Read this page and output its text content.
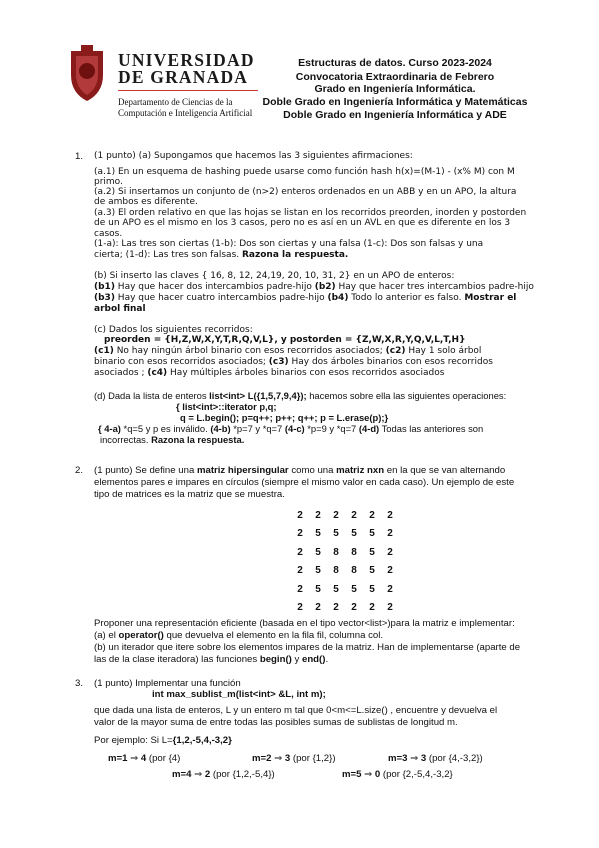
UNIVERSIDAD
DE GRANADA
Departamento de Ciencias de la
Computación e Inteligencia Artificial
Estructuras de datos. Curso 2023-2024
Convocatoria Extraordinaria de Febrero
Grado en Ingeniería Informática.
Doble Grado en Ingeniería Informática y Matemáticas
Doble Grado en Ingeniería Informática y ADE
1. (1 punto) (a) Supongamos que hacemos las 3 siguientes afirmaciones:
(a.1) En un esquema de hashing puede usarse como función hash h(x)=(M-1) - (x% M) con M
primo.
(a.2) Si insertamos un conjunto de (n>2) enteros ordenados en un ABB y en un APO, la altura
de ambos es diferente.
(a.3) El orden relativo en que las hojas se listan en los recorridos preorden, inorden y postorden
de un APO es el mismo en los 3 casos, pero no es así en un AVL en que es diferente en los 3
casos.
(1-a): Las tres son ciertas (1-b): Dos son ciertas y una falsa (1-c): Dos son falsas y una
cierta; (1-d): Las tres son falsas. Razona la respuesta.
(b) Si inserto las claves { 16, 8, 12, 24,19, 20, 10, 31, 2} en un APO de enteros:
(b1) Hay que hacer dos intercambios padre-hijo (b2) Hay que hacer tres intercambios padre-hijo
(b3) Hay que hacer cuatro intercambios padre-hijo (b4) Todo lo anterior es falso. Mostrar el
arbol final
(c) Dados los siguientes recorridos:
preorden = {H,Z,W,X,Y,T,R,Q,V,L}, y postorden = {Z,W,X,R,Y,Q,V,L,T,H}
(c1) No hay ningún árbol binario con esos recorridos asociados; (c2) Hay 1 solo árbol
binario con esos recorridos asociados; (c3) Hay dos árboles binarios con esos recorridos
asociados ; (c4) Hay múltiples árboles binarios con esos recorridos asociados
(d) Dada la lista de enteros list<int> L({1,5,7,9,4}); hacemos sobre ella las siguientes operaciones:
{ list<int>::iterator p,q;
q = L.begin(); p=q++; p++; q++; p = L.erase(p);}
{ 4-a) *q=5 y p es inválido. (4-b) *p=7 y *q=7 (4-c) *p=9 y *q=7 (4-d) Todas las anteriores son
incorrectas. Razona la respuesta.
2. (1 punto) Se define una matriz hipersingular como una matriz nxn en la que se van alternando
elementos pares e impares en círculos (siempre el mismo valor en cada caso). Un ejemplo de este
tipo de matrices es la matriz que se muestra.
2	2	2	2	2	2
2	5	5	5	5	2
2	5	8	8	5	2
2	5	8	8	5	2
2	5	5	5	5	2
2	2	2	2	2	2
Proponer una representación eficiente (basada en el tipo vector<list>)para la matriz e implementar:
(a) el operator() que devuelva el elemento en la fila fil, columna col.
(b) un iterador que itere sobre los elementos impares de la matriz. Han de implementarse (aparte de
las de la clase iteradora) las funciones begin() y end().
3. (1 punto) Implementar una función
int max_sublist_m(list<int> &L, int m);
que dada una lista de enteros, L y un entero m tal que 0<m<=L.size() , encuentre y devuelva el
valor de la mayor suma de entre todas las posibles sumas de sublistas de longitud m.
Por ejemplo: Si L={1,2,-5,4,-3,2}
m=1 ⇒ 4 (por {4)	m=2 ⇒ 3 (por {1,2})	m=3 ⇒ 3 (por {4,-3,2})
m=4 ⇒ 2 (por {1,2,-5,4})	m=5 ⇒ 0 (por {2,-5,4,-3,2}
